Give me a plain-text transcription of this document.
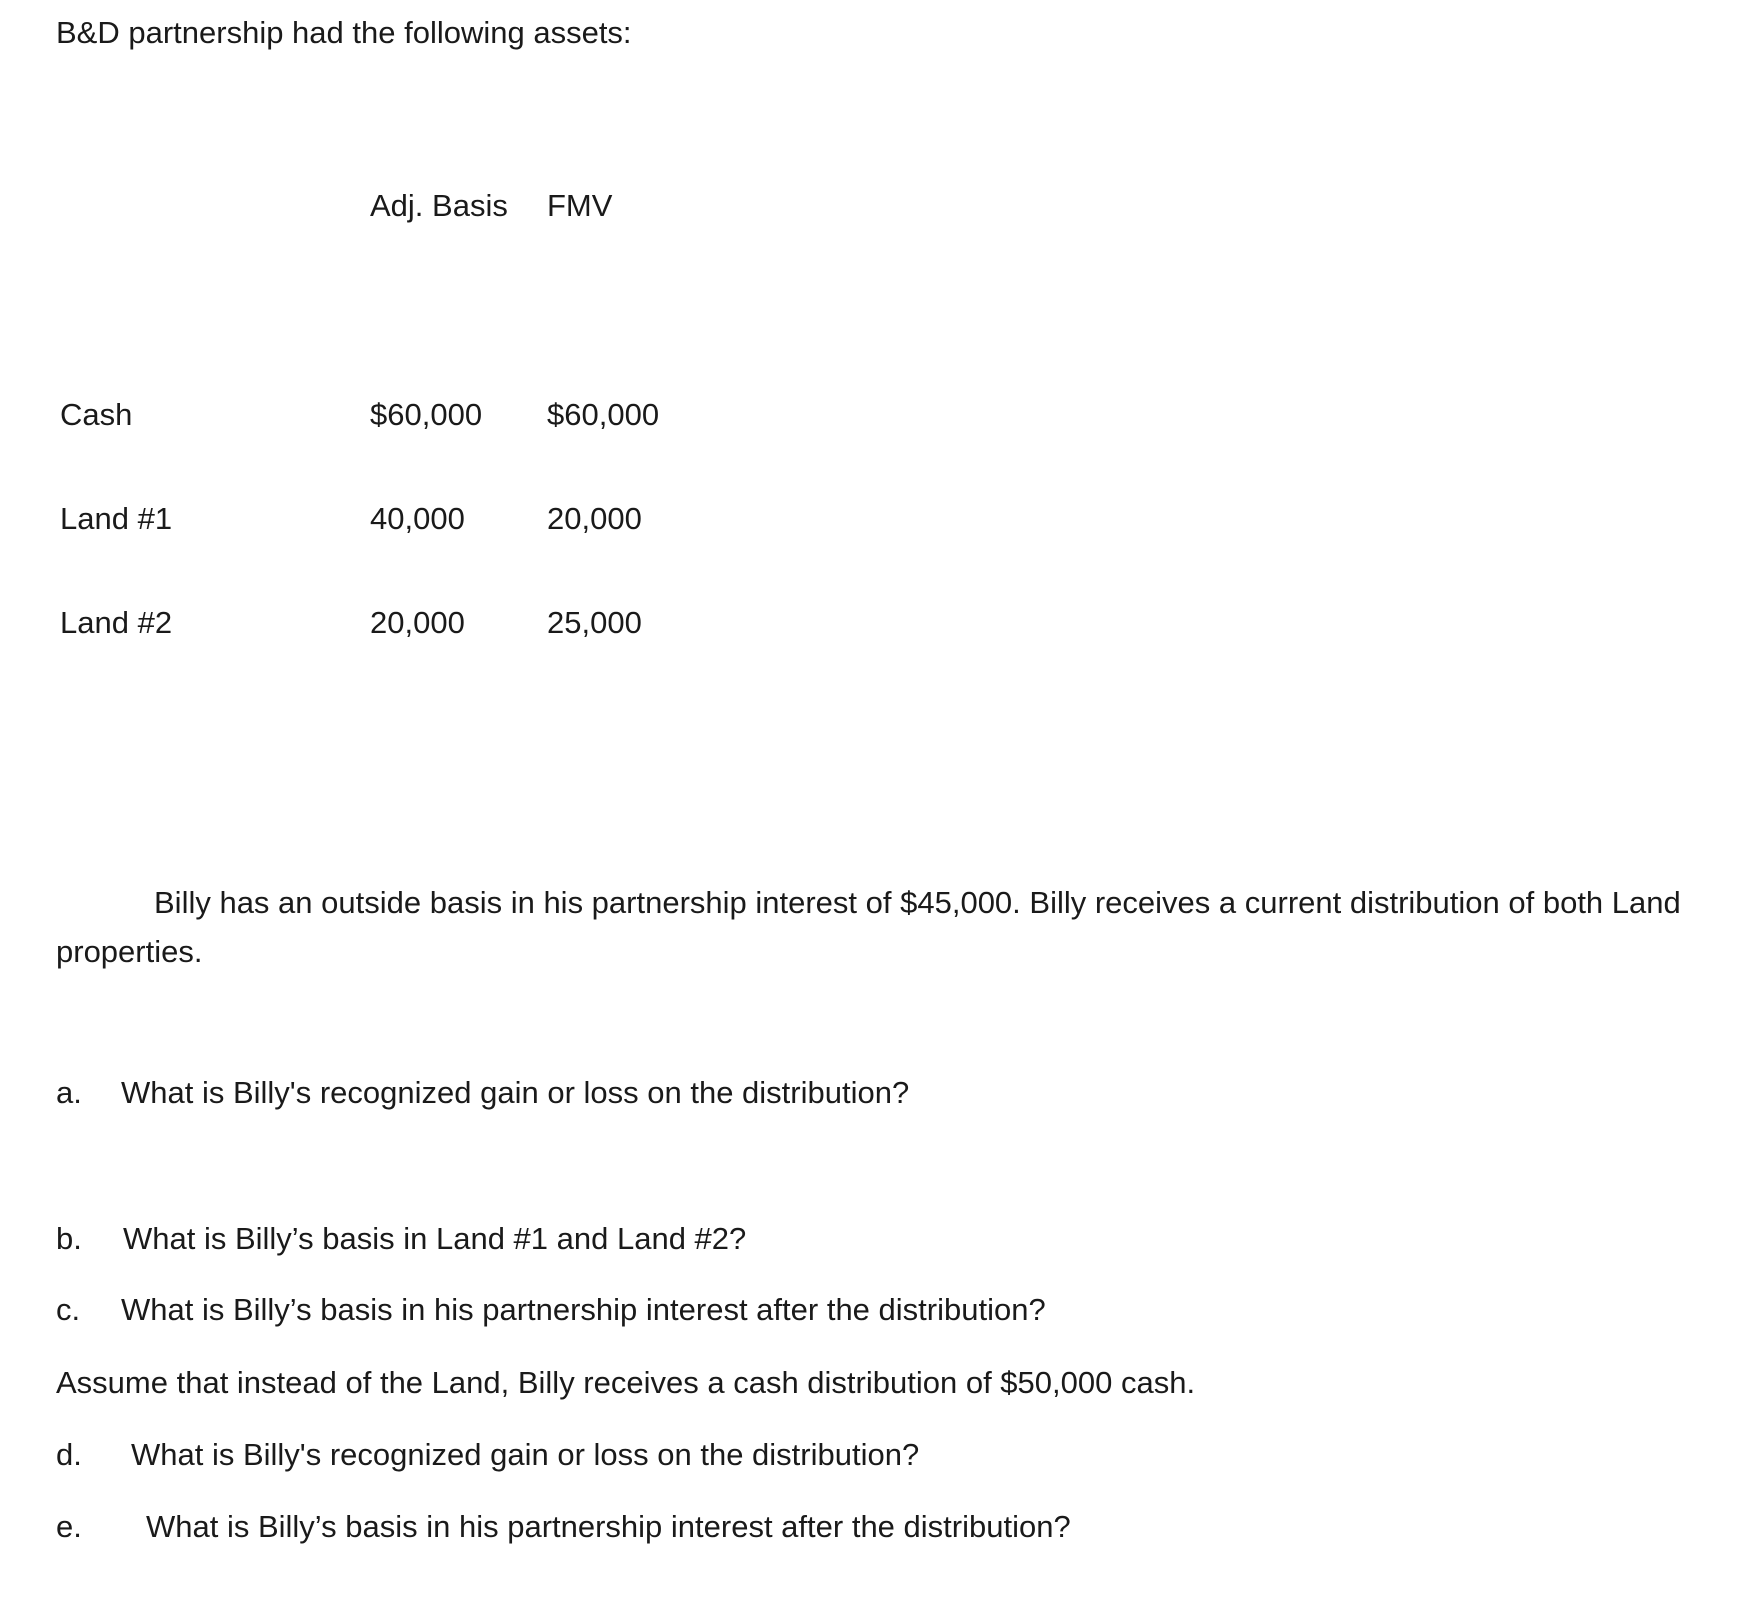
B&D partnership had the following assets:
Adj. Basis FMV
Cash	$60,000 $60,000
Land #1	40,000	20,000
Land #2	20,000	25,000
Billy has an outside basis in his partnership interest of $45,000. Billy receives a current distribution of both Land properties.
a. What is Billy's recognized gain or loss on the distribution?
b. What is Billy’s basis in Land #1 and Land #2?
c. What is Billy’s basis in his partnership interest after the distribution?
Assume that instead of the Land, Billy receives a cash distribution of $50,000 cash.
d. What is Billy's recognized gain or loss on the distribution?
e. What is Billy’s basis in his partnership interest after the distribution?
